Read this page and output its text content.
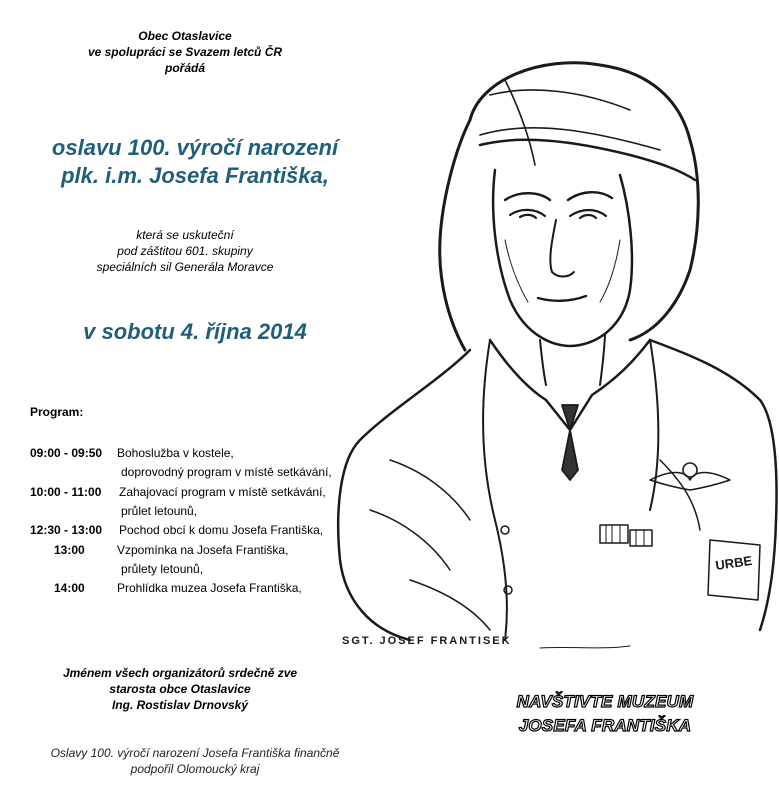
URBE
SGT. JOSEF FRANTISEK
Obec Otaslavice
ve spolupráci se Svazem letců ČR
pořádá
oslavu 100. výročí narození
plk. i.m. Josefa Františka,
která se uskuteční
pod záštitou 601. skupiny
speciálních sil Generála Moravce
v sobotu 4. října 2014
Program:
09:00 - 09:50 Bohoslužba v kostele,
doprovodný program v místě setkávání,
10:00 - 11:00 Zahajovací program v místě setkávání,
průlet letounů,
12:30 - 13:00 Pochod obcí k domu Josefa Františka,
13:00	Vzpomínka na Josefa Františka,
průlety letounů,
14:00	Prohlídka muzea Josefa Františka,
Jménem všech organizátorů srdečně zve
starosta obce Otaslavice
Ing. Rostislav Drnovský	NAVŠTIVTE MUZEUM
JOSEFA FRANTIŠKA
Oslavy 100. výročí narození Josefa Františka finančně
podpořil Olomoucký kraj
